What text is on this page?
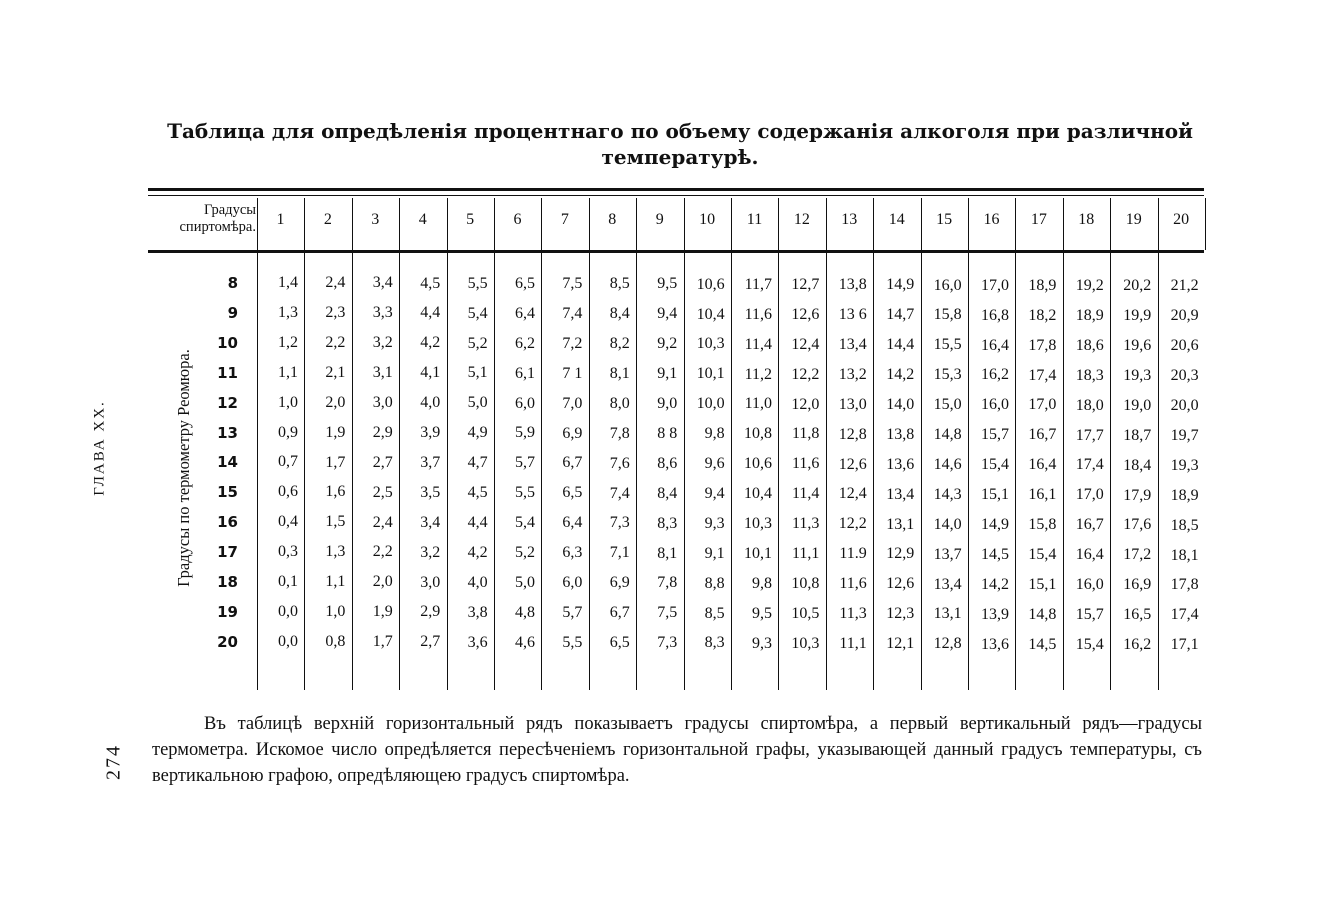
ГЛАВА XX.
274
Таблица для опредѣленія процентнаго по объему содержанія алкоголя при различной температурѣ.
Градусы спиртомѣра.
Градусы по термометру Реомюра.
1	2	3	4	5	6	7	8	9	10	11	12	13	14	15	16	17	18	19	20
8	1,4	2,4	3,4	4,5	5,5	6,5	7,5	8,5	9,5	10,6	11,7	12,7	13,8	14,9	16,0	17,0	18,9	19,2	20,2	21,2
9	1,3	2,3	3,3	4,4	5,4	6,4	7,4	8,4	9,4	10,4	11,6	12,6	13 6	14,7	15,8	16,8	18,2	18,9	19,9	20,9
10	1,2	2,2	3,2	4,2	5,2	6,2	7,2	8,2	9,2	10,3	11,4	12,4	13,4	14,4	15,5	16,4	17,8	18,6	19,6	20,6
11	1,1	2,1	3,1	4,1	5,1	6,1	7 1	8,1	9,1	10,1	11,2	12,2	13,2	14,2	15,3	16,2	17,4	18,3	19,3	20,3
12	1,0	2,0	3,0	4,0	5,0	6,0	7,0	8,0	9,0	10,0	11,0	12,0	13,0	14,0	15,0	16,0	17,0	18,0	19,0	20,0
13	0,9	1,9	2,9	3,9	4,9	5,9	6,9	7,8	8 8	9,8	10,8	11,8	12,8	13,8	14,8	15,7	16,7	17,7	18,7	19,7
14	0,7	1,7	2,7	3,7	4,7	5,7	6,7	7,6	8,6	9,6	10,6	11,6	12,6	13,6	14,6	15,4	16,4	17,4	18,4	19,3
15	0,6	1,6	2,5	3,5	4,5	5,5	6,5	7,4	8,4	9,4	10,4	11,4	12,4	13,4	14,3	15,1	16,1	17,0	17,9	18,9
16	0,4	1,5	2,4	3,4	4,4	5,4	6,4	7,3	8,3	9,3	10,3	11,3	12,2	13,1	14,0	14,9	15,8	16,7	17,6	18,5
17	0,3	1,3	2,2	3,2	4,2	5,2	6,3	7,1	8,1	9,1	10,1	11,1	11.9	12,9	13,7	14,5	15,4	16,4	17,2	18,1
18	0,1	1,1	2,0	3,0	4,0	5,0	6,0	6,9	7,8	8,8	9,8	10,8	11,6	12,6	13,4	14,2	15,1	16,0	16,9	17,8
19	0,0	1,0	1,9	2,9	3,8	4,8	5,7	6,7	7,5	8,5	9,5	10,5	11,3	12,3	13,1	13,9	14,8	15,7	16,5	17,4
20	0,0	0,8	1,7	2,7	3,6	4,6	5,5	6,5	7,3	8,3	9,3	10,3	11,1	12,1	12,8	13,6	14,5	15,4	16,2	17,1

Въ таблицѣ верхній горизонтальный рядъ показываетъ градусы спиртомѣра, а первый вертикальный рядъ—градусы термометра. Искомое число опредѣляется пересѣченіемъ горизонтальной графы, указывающей данный градусъ температуры, съ вертикальною графою, опредѣляющею градусъ спиртомѣра.
